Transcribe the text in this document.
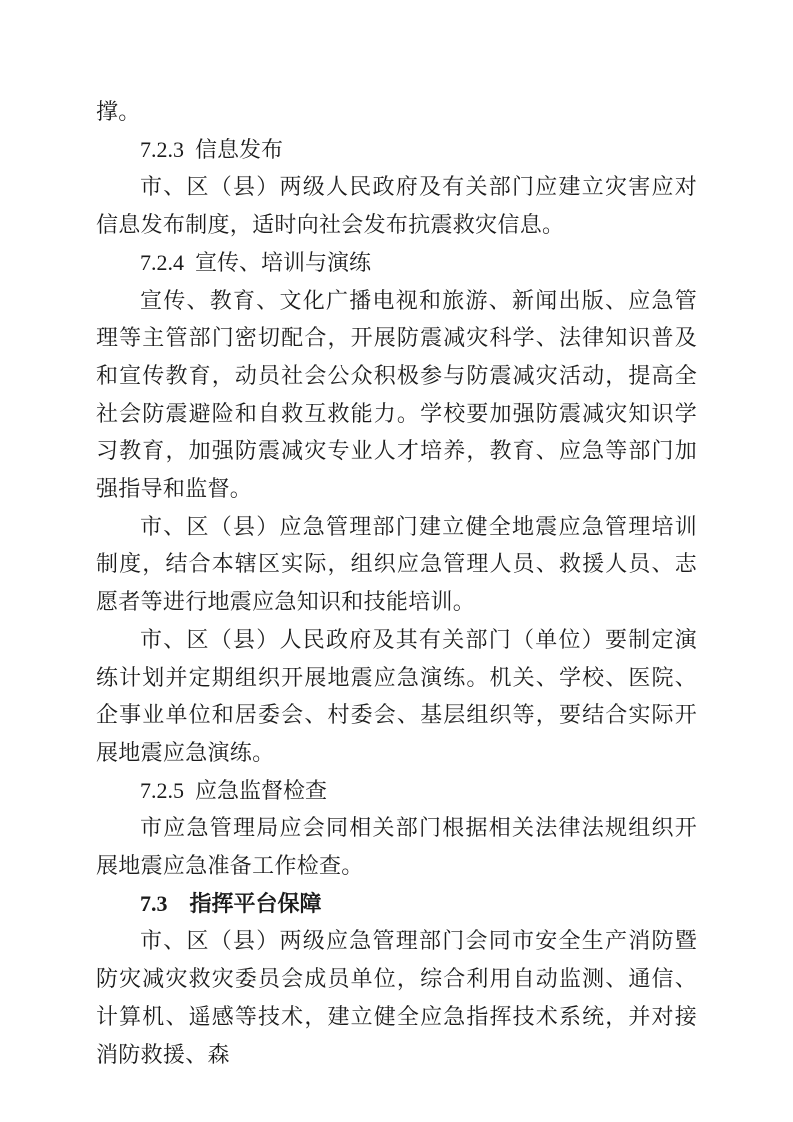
撑。

7.2.3 信息发布

市、区（县）两级人民政府及有关部门应建立灾害应对信息发布制度，适时向社会发布抗震救灾信息。

7.2.4 宣传、培训与演练

宣传、教育、文化广播电视和旅游、新闻出版、应急管理等主管部门密切配合，开展防震减灾科学、法律知识普及和宣传教育，动员社会公众积极参与防震减灾活动，提高全社会防震避险和自救互救能力。学校要加强防震减灾知识学习教育，加强防震减灾专业人才培养，教育、应急等部门加强指导和监督。

市、区（县）应急管理部门建立健全地震应急管理培训制度，结合本辖区实际，组织应急管理人员、救援人员、志愿者等进行地震应急知识和技能培训。

市、区（县）人民政府及其有关部门（单位）要制定演练计划并定期组织开展地震应急演练。机关、学校、医院、企事业单位和居委会、村委会、基层组织等，要结合实际开展地震应急演练。

7.2.5 应急监督检查

市应急管理局应会同相关部门根据相关法律法规组织开展地震应急准备工作检查。

7.3 指挥平台保障

市、区（县）两级应急管理部门会同市安全生产消防暨防灾减灾救灾委员会成员单位，综合利用自动监测、通信、计算机、遥感等技术，建立健全应急指挥技术系统，并对接消防救援、森
